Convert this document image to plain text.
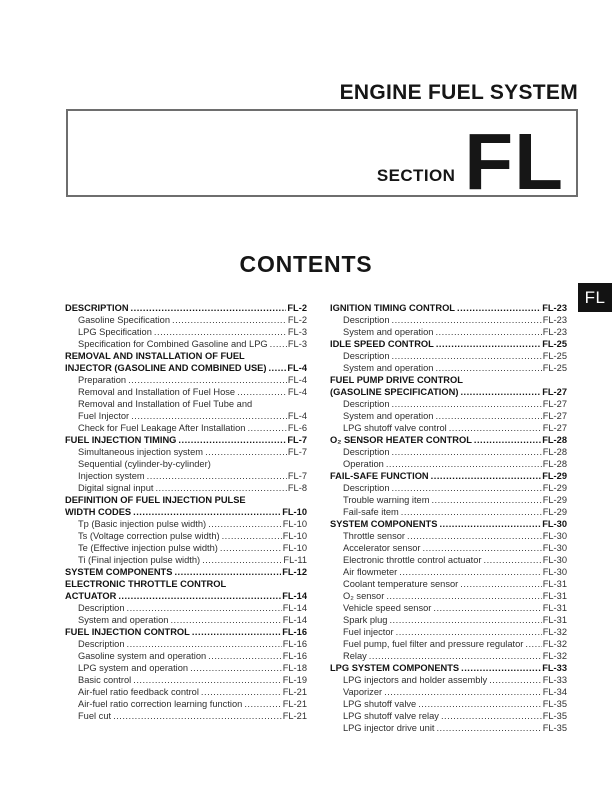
ENGINE FUEL SYSTEM
SECTION FL
CONTENTS
FL
DESCRIPTION .....	FL-2
Gasoline Specification .....	FL-2
LPG Specification .....	FL-3
Specification for Combined Gasoline and LPG ..... FL-3
REMOVAL AND INSTALLATION OF FUEL
INJECTOR (GASOLINE AND COMBINED USE) ..... FL-4
Preparation .....	FL-4
Removal and Installation of Fuel Hose .....	FL-4
Removal and Installation of Fuel Tube and
Fuel Injector .....	FL-4
Check for Fuel Leakage After Installation .....	FL-6
FUEL INJECTION TIMING .....	FL-7
Simultaneous injection system .....	FL-7
Sequential (cylinder-by-cylinder)
Injection system .....	FL-7
Digital signal input .....	FL-8
DEFINITION OF FUEL INJECTION PULSE
WIDTH CODES .....	FL-10
Tp (Basic injection pulse width) .....	FL-10
Ts (Voltage correction pulse width) .....	FL-10
Te (Effective injection pulse width) .....	FL-10
Ti (Final injection pulse width) .....	FL-11
SYSTEM COMPONENTS .....	FL-12
ELECTRONIC THROTTLE CONTROL
ACTUATOR .....	FL-14
Description .....	FL-14
System and operation .....	FL-14
FUEL INJECTION CONTROL .....	FL-16
Description .....	FL-16
Gasoline system and operation .....	FL-16
LPG system and operation .....	FL-18
Basic control .....	FL-19
Air-fuel ratio feedback control .....	FL-21
Air-fuel ratio correction learning function .....	FL-21
Fuel cut .....	FL-21
IGNITION TIMING CONTROL .....	FL-23
Description .....	FL-23
System and operation .....	FL-23
IDLE SPEED CONTROL .....	FL-25
Description .....	FL-25
System and operation .....	FL-25
FUEL PUMP DRIVE CONTROL
(GASOLINE SPECIFICATION) .....	FL-27
Description .....	FL-27
System and operation .....	FL-27
LPG shutoff valve control .....	FL-27
O₂ SENSOR HEATER CONTROL .....	FL-28
Description .....	FL-28
Operation .....	FL-28
FAIL-SAFE FUNCTION .....	FL-29
Description .....	FL-29
Trouble warning item .....	FL-29
Fail-safe item .....	FL-29
SYSTEM COMPONENTS .....	FL-30
Throttle sensor .....	FL-30
Accelerator sensor .....	FL-30
Electronic throttle control actuator .....	FL-30
Air flowmeter .....	FL-30
Coolant temperature sensor .....	FL-31
O₂ sensor .....	FL-31
Vehicle speed sensor .....	FL-31
Spark plug .....	FL-31
Fuel injector .....	FL-32
Fuel pump, fuel filter and pressure regulator ..... FL-32
Relay .....	FL-32
LPG SYSTEM COMPONENTS .....	FL-33
LPG injectors and holder assembly .....	FL-33
Vaporizer .....	FL-34
LPG shutoff valve .....	FL-35
LPG shutoff valve relay .....	FL-35
LPG injector drive unit .....	FL-35
